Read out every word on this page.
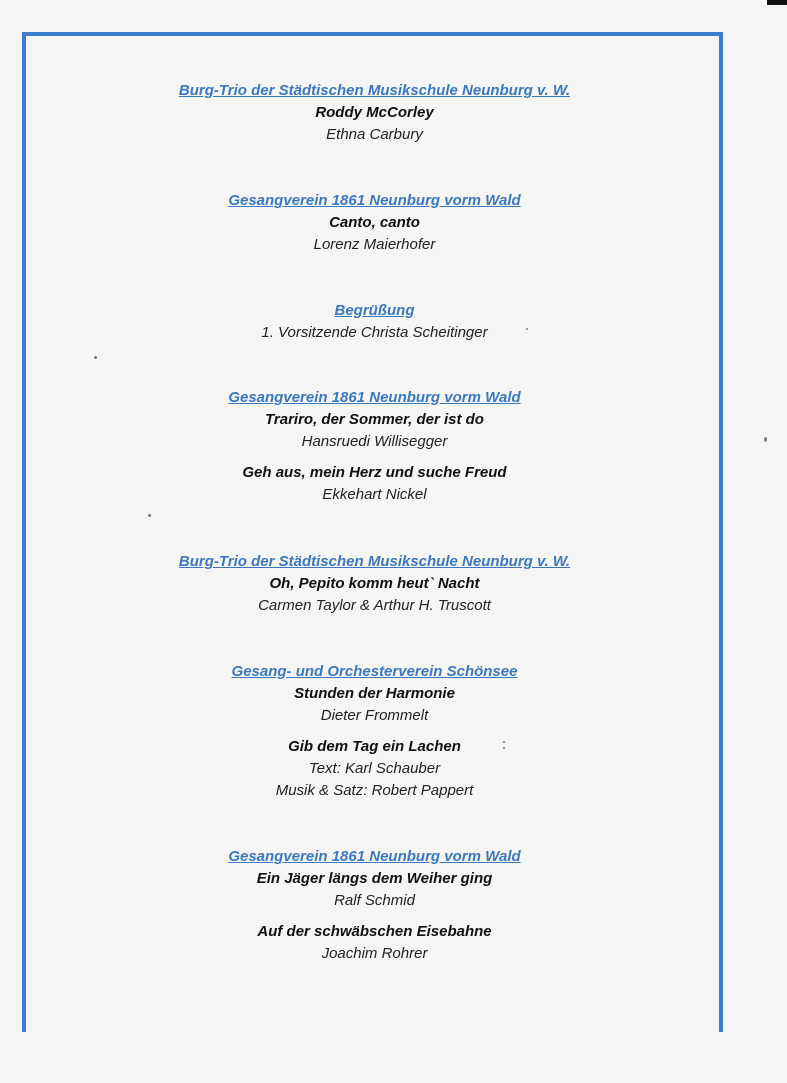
Burg-Trio der Städtischen Musikschule Neunburg v. W.
Roddy McCorley
Ethna Carbury
Gesangverein 1861 Neunburg vorm Wald
Canto, canto
Lorenz Maierhofer
Begrüßung
1. Vorsitzende Christa Scheitinger
Gesangverein 1861 Neunburg vorm Wald
Trariro, der Sommer, der ist do
Hansruedi Willisegger
Geh aus, mein Herz und suche Freud
Ekkehart Nickel
Burg-Trio der Städtischen Musikschule Neunburg v. W.
Oh, Pepito komm heut` Nacht
Carmen Taylor & Arthur H. Truscott
Gesang- und Orchesterverein Schönsee
Stunden der Harmonie
Dieter Frommelt
Gib dem Tag ein Lachen
Text: Karl Schauber
Musik & Satz: Robert Pappert
Gesangverein 1861 Neunburg vorm Wald
Ein Jäger längs dem Weiher ging
Ralf Schmid
Auf der schwäbschen Eisebahne
Joachim Rohrer
